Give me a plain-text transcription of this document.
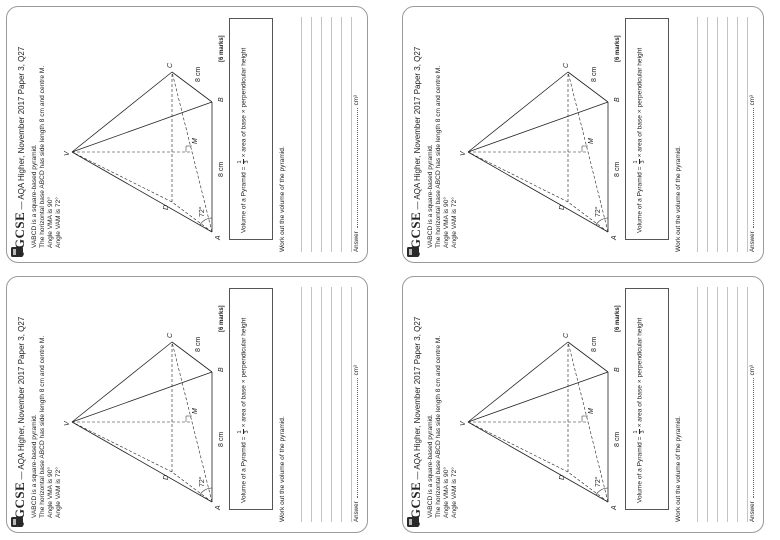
1GCSE — AQA Higher, November 2017 Paper 3, Q27 VABCD is a square-based pyramid. The horizontal base ABCD has side length 8 cm and centre M. Angle VMA is 90° Angle VAM is 72°
V
A
B
C
D
M
8 cm
8 cm
72°
[6 marks]
Volume of a Pyramid =
1 3
× area of base × perpendicular height
Work out the volume of the pyramid.	Answercm³
1GCSE — AQA Higher, November 2017 Paper 3, Q27 VABCD is a square-based pyramid. The horizontal base ABCD has side length 8 cm and centre M. Angle VMA is 90° Angle VAM is 72°
V
A
B
C
D
M
8 cm
8 cm
72°
[6 marks]
Volume of a Pyramid =
1 3
× area of base × perpendicular height
Work out the volume of the pyramid.	Answercm³
1GCSE — AQA Higher, November 2017 Paper 3, Q27 VABCD is a square-based pyramid. The horizontal base ABCD has side length 8 cm and centre M. Angle VMA is 90° Angle VAM is 72°
V
A
B
C
D
M
8 cm
8 cm
72°
[6 marks]
Volume of a Pyramid =
1 3
× area of base × perpendicular height
Work out the volume of the pyramid.	Answercm³
1GCSE — AQA Higher, November 2017 Paper 3, Q27 VABCD is a square-based pyramid. The horizontal base ABCD has side length 8 cm and centre M. Angle VMA is 90° Angle VAM is 72°
V
A
B
C
D
M
8 cm
8 cm
72°
[6 marks]
Volume of a Pyramid =
1 3
× area of base × perpendicular height
Work out the volume of the pyramid.	Answercm³
